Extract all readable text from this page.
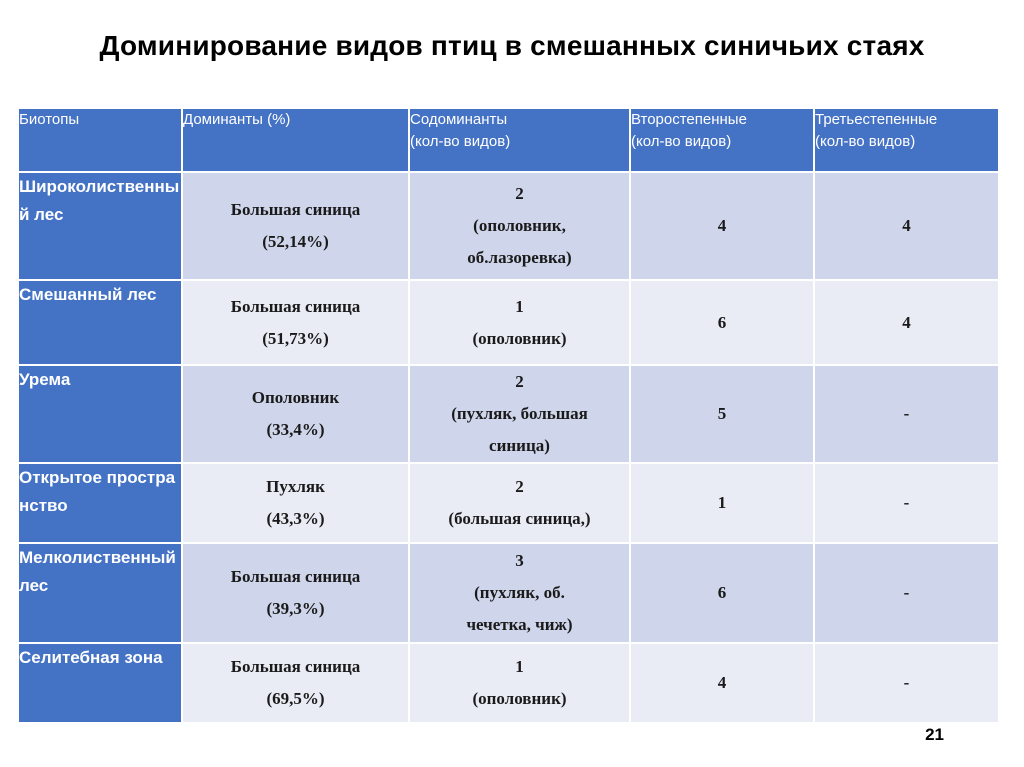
Доминирование видов птиц в смешанных синичьих стаях
Биотопы	Доминанты (%)	Содоминанты
(кол-во видов)	Второстепенные
(кол-во видов)	Третьестепенные
(кол-во видов)

Широколиственный лес	Большая синица
(52,14%)	2
(ополовник,
об.лазоревка)	4	4

Смешанный лес	Большая синица
(51,73%)	1
(ополовник)	6	4

Урема	Ополовник
(33,4%)	2
(пухляк, большая
синица)	5	-

Открытое пространство	Пухляк
(43,3%)	2
(большая синица,)	1	-

Мелколиственный лес	Большая синица
(39,3%)	3
(пухляк, об.
чечетка, чиж)	6	-

Селитебная зона	Большая синица
(69,5%)	1
(ополовник)	4	-
21
